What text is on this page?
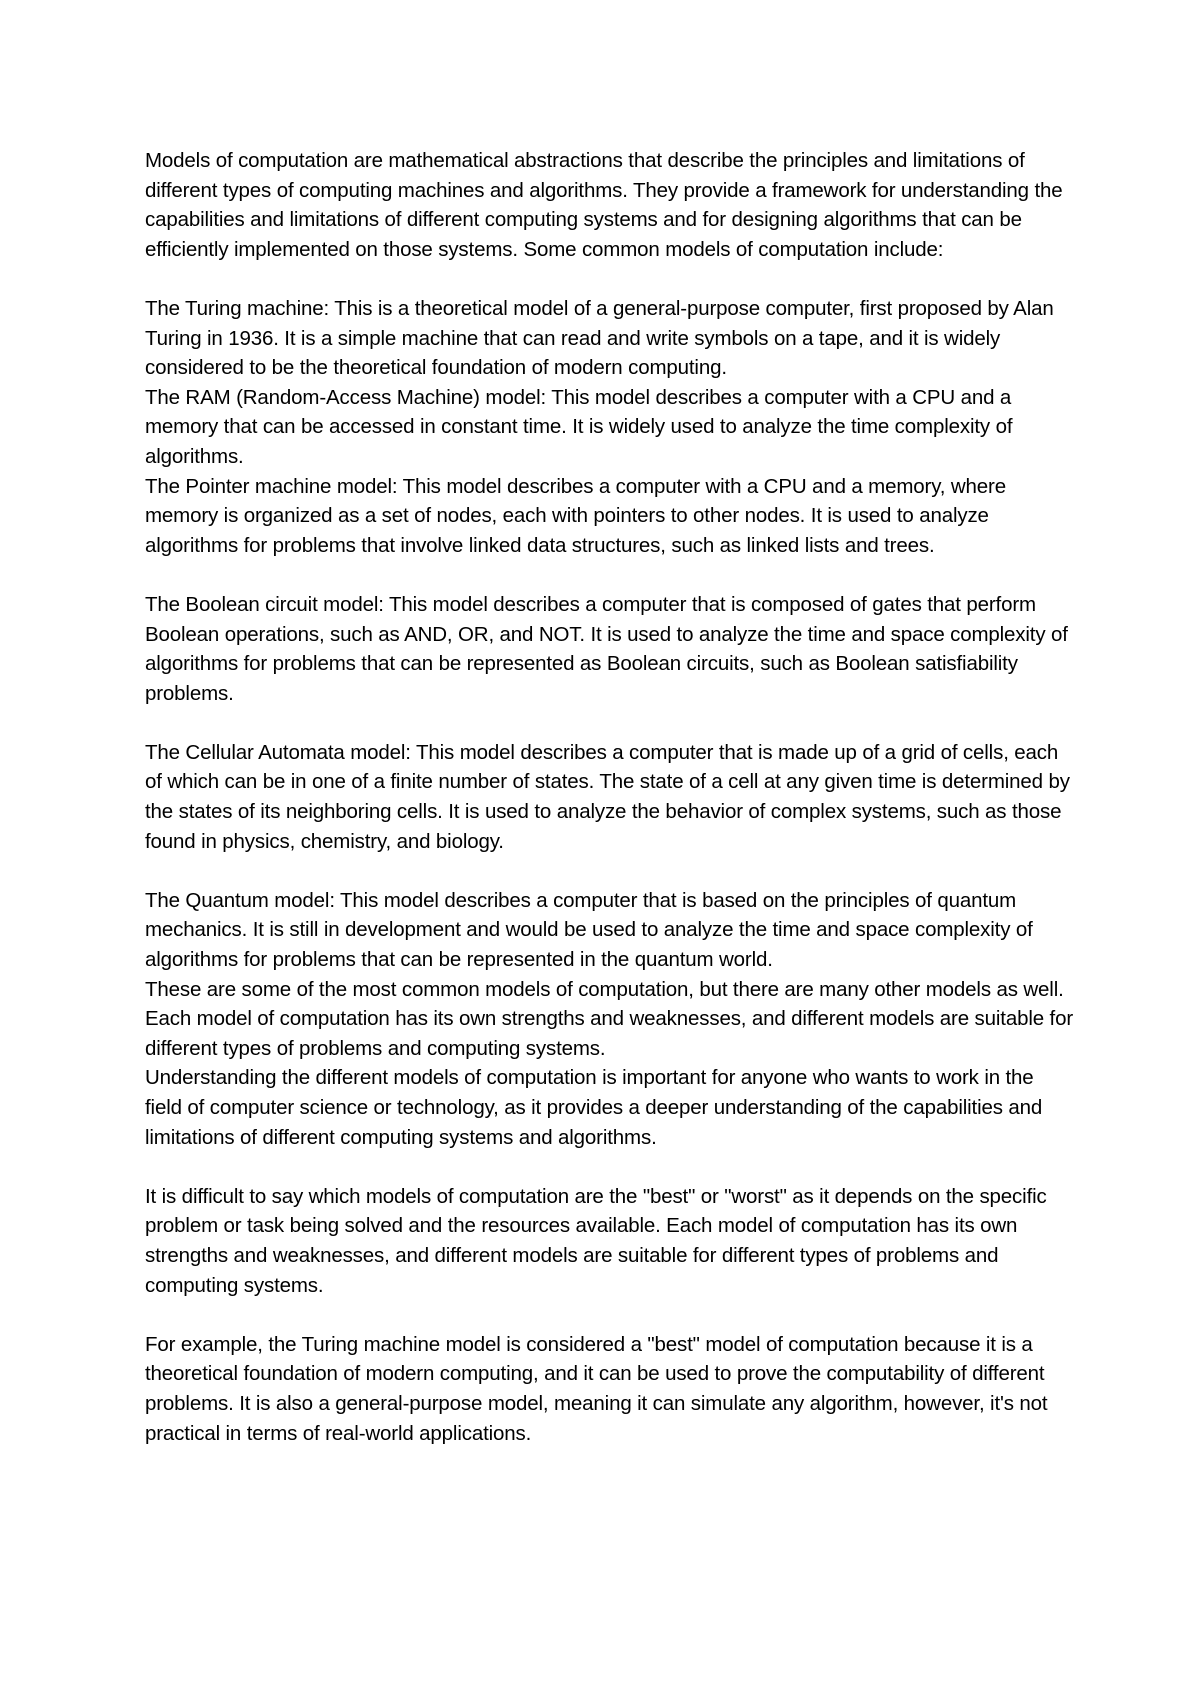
Models of computation are mathematical abstractions that describe the principles and limitations of different types of computing machines and algorithms. They provide a framework for understanding the capabilities and limitations of different computing systems and for designing algorithms that can be efficiently implemented on those systems. Some common models of computation include:

The Turing machine: This is a theoretical model of a general-purpose computer, first proposed by Alan Turing in 1936. It is a simple machine that can read and write symbols on a tape, and it is widely considered to be the theoretical foundation of modern computing.

The RAM (Random-Access Machine) model: This model describes a computer with a CPU and a memory that can be accessed in constant time. It is widely used to analyze the time complexity of algorithms.

The Pointer machine model: This model describes a computer with a CPU and a memory, where memory is organized as a set of nodes, each with pointers to other nodes. It is used to analyze algorithms for problems that involve linked data structures, such as linked lists and trees.

The Boolean circuit model: This model describes a computer that is composed of gates that perform Boolean operations, such as AND, OR, and NOT. It is used to analyze the time and space complexity of algorithms for problems that can be represented as Boolean circuits, such as Boolean satisfiability problems.

The Cellular Automata model: This model describes a computer that is made up of a grid of cells, each of which can be in one of a finite number of states. The state of a cell at any given time is determined by the states of its neighboring cells. It is used to analyze the behavior of complex systems, such as those found in physics, chemistry, and biology.

The Quantum model: This model describes a computer that is based on the principles of quantum mechanics. It is still in development and would be used to analyze the time and space complexity of algorithms for problems that can be represented in the quantum world.

These are some of the most common models of computation, but there are many other models as well. Each model of computation has its own strengths and weaknesses, and different models are suitable for different types of problems and computing systems.

Understanding the different models of computation is important for anyone who wants to work in the field of computer science or technology, as it provides a deeper understanding of the capabilities and limitations of different computing systems and algorithms.

It is difficult to say which models of computation are the "best" or "worst" as it depends on the specific problem or task being solved and the resources available. Each model of computation has its own strengths and weaknesses, and different models are suitable for different types of problems and computing systems.

For example, the Turing machine model is considered a "best" model of computation because it is a theoretical foundation of modern computing, and it can be used to prove the computability of different problems. It is also a general-purpose model, meaning it can simulate any algorithm, however, it's not practical in terms of real-world applications.
